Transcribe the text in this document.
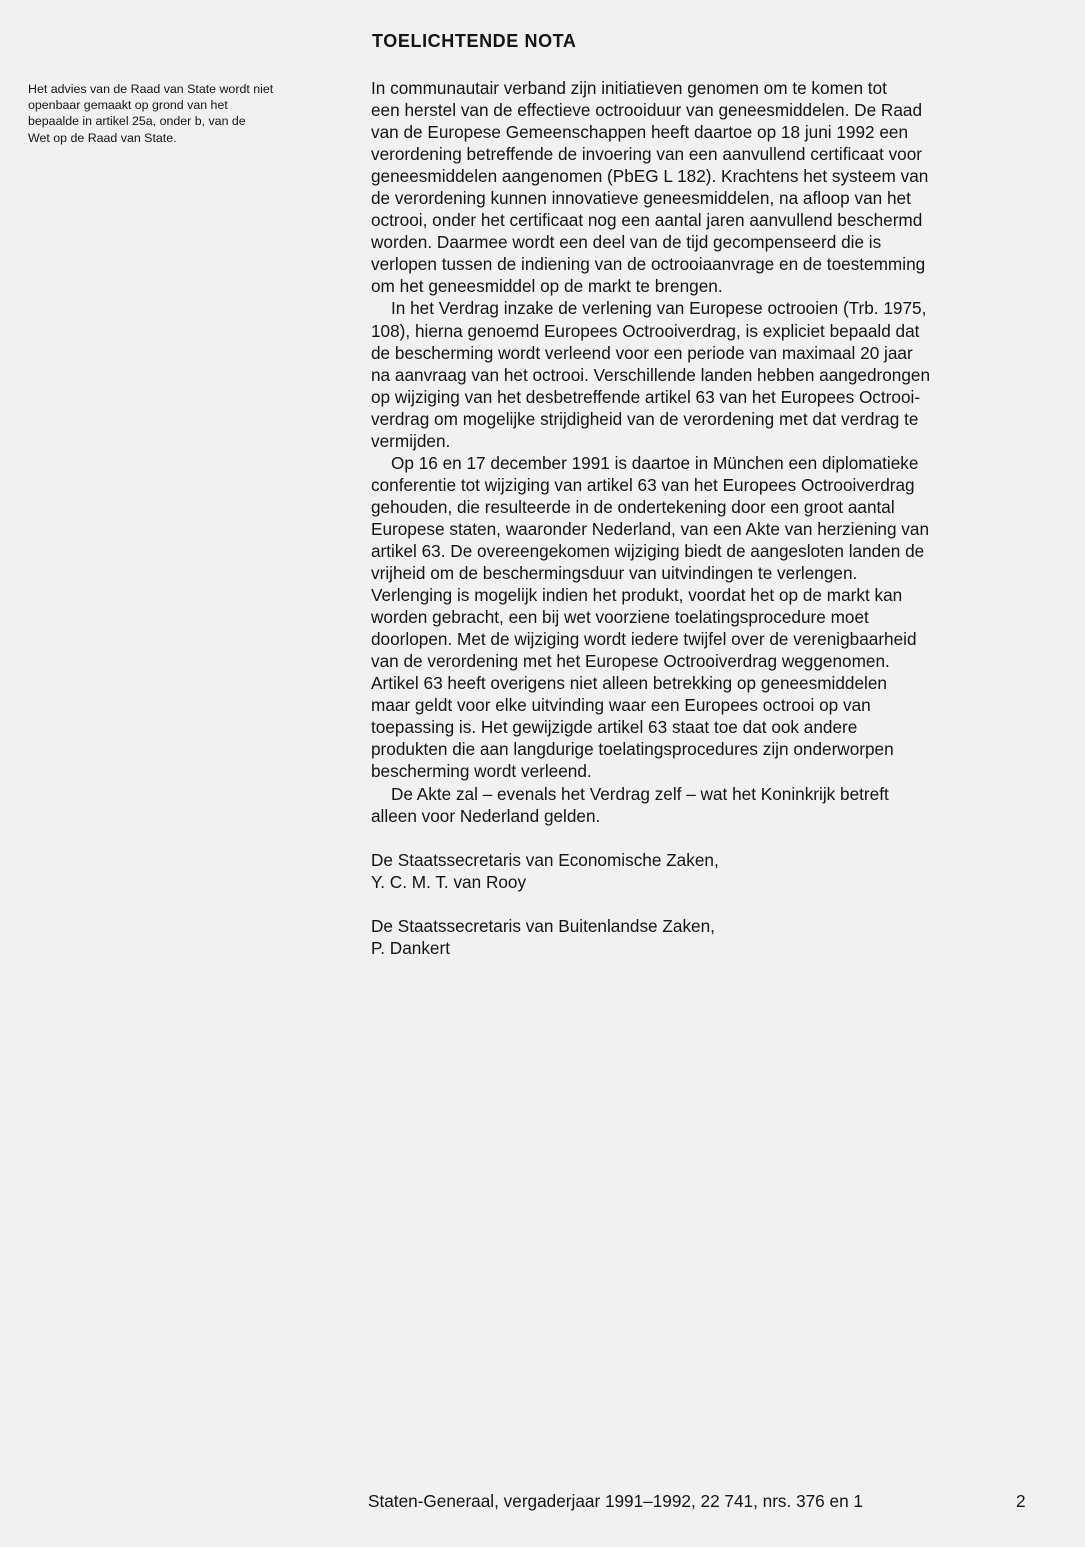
TOELICHTENDE NOTA

Het advies van de Raad van State wordt niet
openbaar gemaakt op grond van het
bepaalde in artikel 25a, onder b, van de
Wet op de Raad van State.

In communautair verband zijn initiatieven genomen om te komen tot
een herstel van de effectieve octrooiduur van geneesmiddelen. De Raad
van de Europese Gemeenschappen heeft daartoe op 18 juni 1992 een
verordening betreffende de invoering van een aanvullend certificaat voor
geneesmiddelen aangenomen (PbEG L 182). Krachtens het systeem van
de verordening kunnen innovatieve geneesmiddelen, na afloop van het
octrooi, onder het certificaat nog een aantal jaren aanvullend beschermd
worden. Daarmee wordt een deel van de tijd gecompenseerd die is
verlopen tussen de indiening van de octrooiaanvrage en de toestemming
om het geneesmiddel op de markt te brengen.

In het Verdrag inzake de verlening van Europese octrooien (Trb. 1975,
108), hierna genoemd Europees Octrooiverdrag, is expliciet bepaald dat
de bescherming wordt verleend voor een periode van maximaal 20 jaar
na aanvraag van het octrooi. Verschillende landen hebben aangedrongen
op wijziging van het desbetreffende artikel 63 van het Europees Octrooi-
verdrag om mogelijke strijdigheid van de verordening met dat verdrag te
vermijden.

Op 16 en 17 december 1991 is daartoe in München een diplomatieke
conferentie tot wijziging van artikel 63 van het Europees Octrooiverdrag
gehouden, die resulteerde in de ondertekening door een groot aantal
Europese staten, waaronder Nederland, van een Akte van herziening van
artikel 63. De overeengekomen wijziging biedt de aangesloten landen de
vrijheid om de beschermingsduur van uitvindingen te verlengen.
Verlenging is mogelijk indien het produkt, voordat het op de markt kan
worden gebracht, een bij wet voorziene toelatingsprocedure moet
doorlopen. Met de wijziging wordt iedere twijfel over de verenigbaarheid
van de verordening met het Europese Octrooiverdrag weggenomen.
Artikel 63 heeft overigens niet alleen betrekking op geneesmiddelen
maar geldt voor elke uitvinding waar een Europees octrooi op van
toepassing is. Het gewijzigde artikel 63 staat toe dat ook andere
produkten die aan langdurige toelatingsprocedures zijn onderworpen
bescherming wordt verleend.

De Akte zal – evenals het Verdrag zelf – wat het Koninkrijk betreft
alleen voor Nederland gelden.

De Staatssecretaris van Economische Zaken,
Y. C. M. T. van Rooy
De Staatssecretaris van Buitenlandse Zaken,
P. Dankert
Staten-Generaal, vergaderjaar 1991–1992, 22 741, nrs. 376 en 1	2
